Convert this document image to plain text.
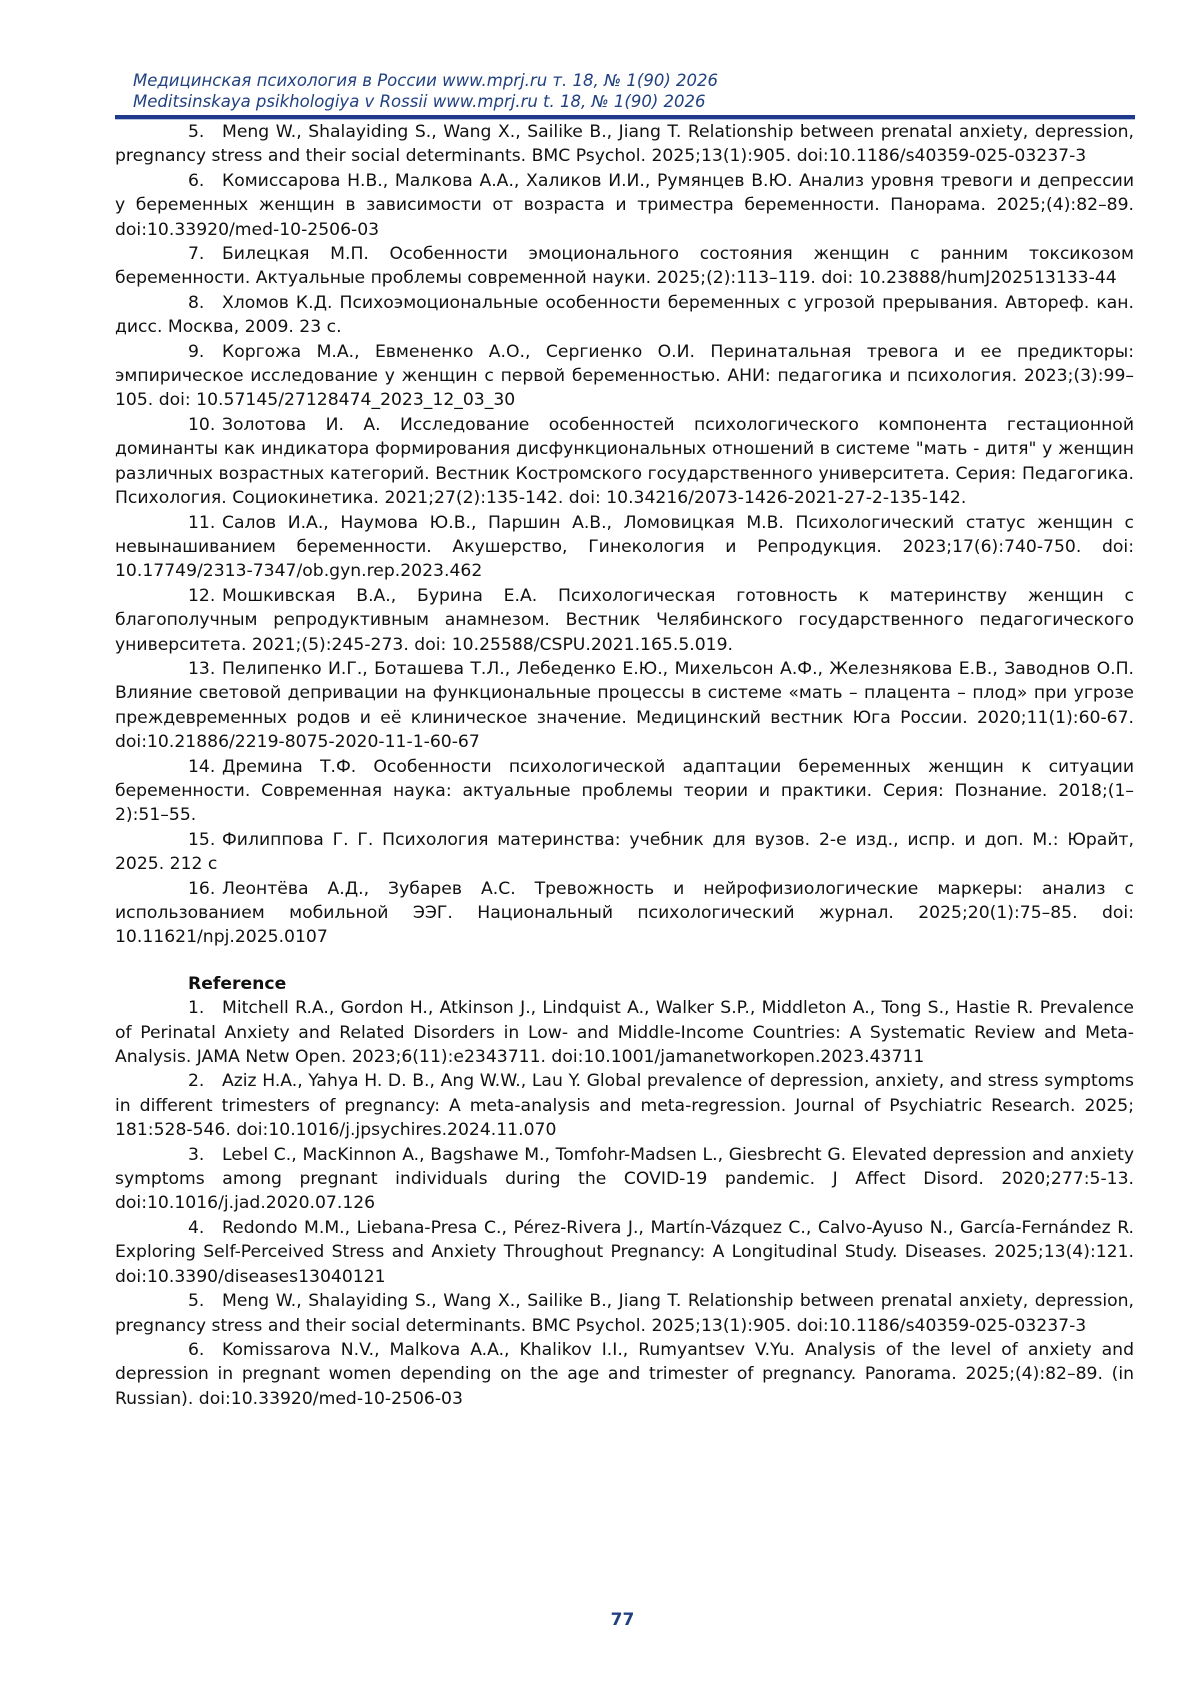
Медицинская психология в России www.mprj.ru т. 18, № 1(90) 2026
Meditsinskaya psikhologiya v Rossii www.mprj.ru t. 18, № 1(90) 2026

5. Meng W., Shalayiding S., Wang X., Sailike B., Jiang T. Relationship between prenatal anxiety, depression, pregnancy stress and their social determinants. BMC Psychol. 2025;13(1):905. doi:10.1186/s40359-025-03237-3

6. Комиссарова Н.В., Малкова А.А., Халиков И.И., Румянцев В.Ю. Анализ уровня тревоги и депрессии у беременных женщин в зависимости от возраста и триместра беременности. Панорама. 2025;(4):82–89. doi:10.33920/med-10-2506-03

7. Билецкая М.П. Особенности эмоционального состояния женщин с ранним токсикозом беременности. Актуальные проблемы современной науки. 2025;(2):113–119. doi: 10.23888/humJ202513133-44

8. Хломов К.Д. Психоэмоциональные особенности беременных с угрозой прерывания. Автореф. кан. дисс. Москва, 2009. 23 с.

9. Коргожа М.А., Евмененко А.О., Сергиенко О.И. Перинатальная тревога и ее предикторы: эмпирическое исследование у женщин с первой беременностью. АНИ: педагогика и психология. 2023;(3):99–105. doi: 10.57145/27128474_2023_12_03_30

10. Золотова И. А. Исследование особенностей психологического компонента гестационной доминанты как индикатора формирования дисфункциональных отношений в системе "мать - дитя" у женщин различных возрастных категорий. Вестник Костромского государственного университета. Серия: Педагогика. Психология. Социокинетика. 2021;27(2):135-142. doi: 10.34216/2073-1426-2021-27-2-135-142.

11. Салов И.А., Наумова Ю.В., Паршин А.В., Ломовицкая М.В. Психологический статус женщин с невынашиванием беременности. Акушерство, Гинекология и Репродукция. 2023;17(6):740-750. doi: 10.17749/2313-7347/ob.gyn.rep.2023.462

12. Мошкивская В.А., Бурина Е.А. Психологическая готовность к материнству женщин с благополучным репродуктивным анамнезом. Вестник Челябинского государственного педагогического университета. 2021;(5):245-273. doi: 10.25588/CSPU.2021.165.5.019.

13. Пелипенко И.Г., Боташева Т.Л., Лебеденко Е.Ю., Михельсон А.Ф., Железнякова Е.В., Заводнов О.П. Влияние световой депривации на функциональные процессы в системе «мать – плацента – плод» при угрозе преждевременных родов и её клиническое значение. Медицинский вестник Юга России. 2020;11(1):60-67. doi:10.21886/2219-8075-2020-11-1-60-67

14. Дремина Т.Ф. Особенности психологической адаптации беременных женщин к ситуации беременности. Современная наука: актуальные проблемы теории и практики. Серия: Познание. 2018;(1–2):51–55.

15. Филиппова Г. Г. Психология материнства: учебник для вузов. 2-е изд., испр. и доп. М.: Юрайт, 2025. 212 с

16. Леонтёва А.Д., Зубарев А.С. Тревожность и нейрофизиологические маркеры: анализ с использованием мобильной ЭЭГ. Национальный психологический журнал. 2025;20(1):75–85. doi: 10.11621/npj.2025.0107

Reference

1. Mitchell R.A., Gordon H., Atkinson J., Lindquist A., Walker S.P., Middleton A., Tong S., Hastie R. Prevalence of Perinatal Anxiety and Related Disorders in Low- and Middle-Income Countries: A Systematic Review and Meta-Analysis. JAMA Netw Open. 2023;6(11):e2343711. doi:10.1001/jamanetworkopen.2023.43711

2. Aziz H.A., Yahya H. D. B., Ang W.W., Lau Y. Global prevalence of depression, anxiety, and stress symptoms in different trimesters of pregnancy: A meta-analysis and meta-regression. Journal of Psychiatric Research. 2025; 181:528-546. doi:10.1016/j.jpsychires.2024.11.070

3. Lebel C., MacKinnon A., Bagshawe M., Tomfohr-Madsen L., Giesbrecht G. Elevated depression and anxiety symptoms among pregnant individuals during the COVID-19 pandemic. J Affect Disord. 2020;277:5-13. doi:10.1016/j.jad.2020.07.126

4. Redondo M.M., Liebana-Presa C., Pérez-Rivera J., Martín-Vázquez C., Calvo-Ayuso N., García-Fernández R. Exploring Self-Perceived Stress and Anxiety Throughout Pregnancy: A Longitudinal Study. Diseases. 2025;13(4):121. doi:10.3390/diseases13040121

5. Meng W., Shalayiding S., Wang X., Sailike B., Jiang T. Relationship between prenatal anxiety, depression, pregnancy stress and their social determinants. BMC Psychol. 2025;13(1):905. doi:10.1186/s40359-025-03237-3

6. Komissarova N.V., Malkova A.A., Khalikov I.I., Rumyantsev V.Yu. Analysis of the level of anxiety and depression in pregnant women depending on the age and trimester of pregnancy. Panorama. 2025;(4):82–89. (in Russian). doi:10.33920/med-10-2506-03

77
